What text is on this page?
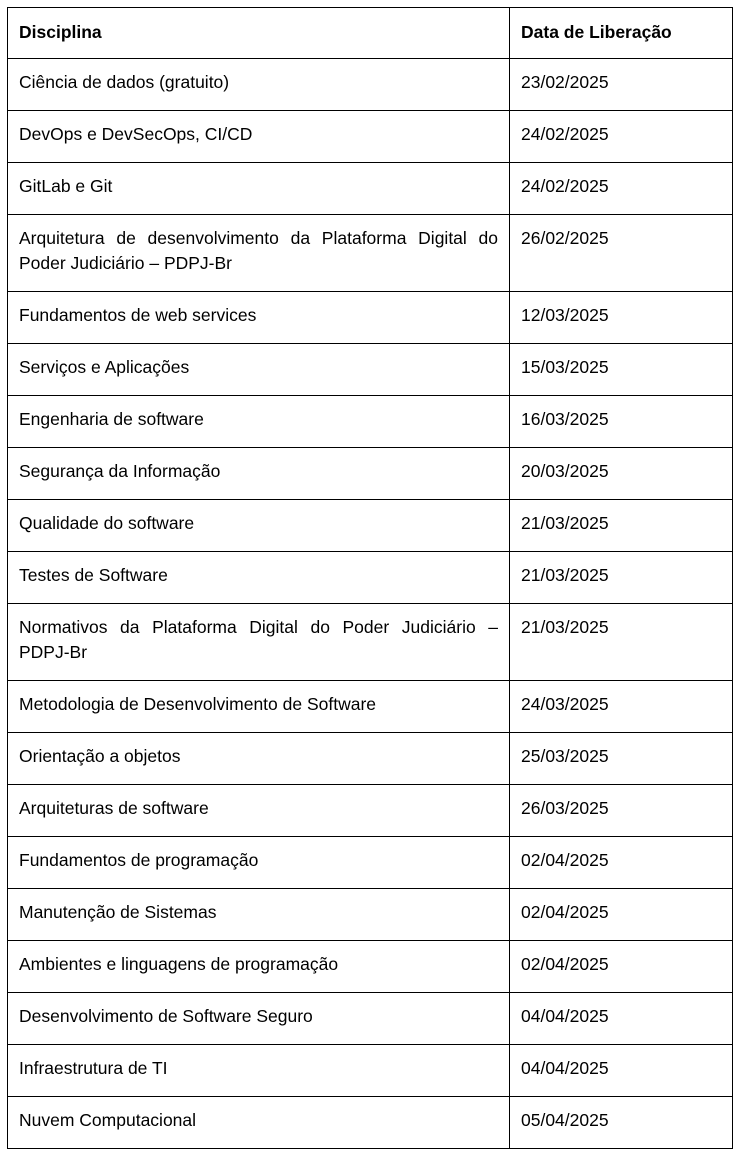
Disciplina	Data de Liberação
Ciência de dados (gratuito)	23/02/2025
DevOps e DevSecOps, CI/CD	24/02/2025
GitLab e Git	24/02/2025
Arquitetura de desenvolvimento da Plataforma Digital do Poder Judiciário – PDPJ-Br	26/02/2025
Fundamentos de web services	12/03/2025
Serviços e Aplicações	15/03/2025
Engenharia de software	16/03/2025
Segurança da Informação	20/03/2025
Qualidade do software	21/03/2025
Testes de Software	21/03/2025
Normativos da Plataforma Digital do Poder Judiciário – PDPJ-Br	21/03/2025
Metodologia de Desenvolvimento de Software	24/03/2025
Orientação a objetos	25/03/2025
Arquiteturas de software	26/03/2025
Fundamentos de programação	02/04/2025
Manutenção de Sistemas	02/04/2025
Ambientes e linguagens de programação	02/04/2025
Desenvolvimento de Software Seguro	04/04/2025
Infraestrutura de TI	04/04/2025
Nuvem Computacional	05/04/2025
